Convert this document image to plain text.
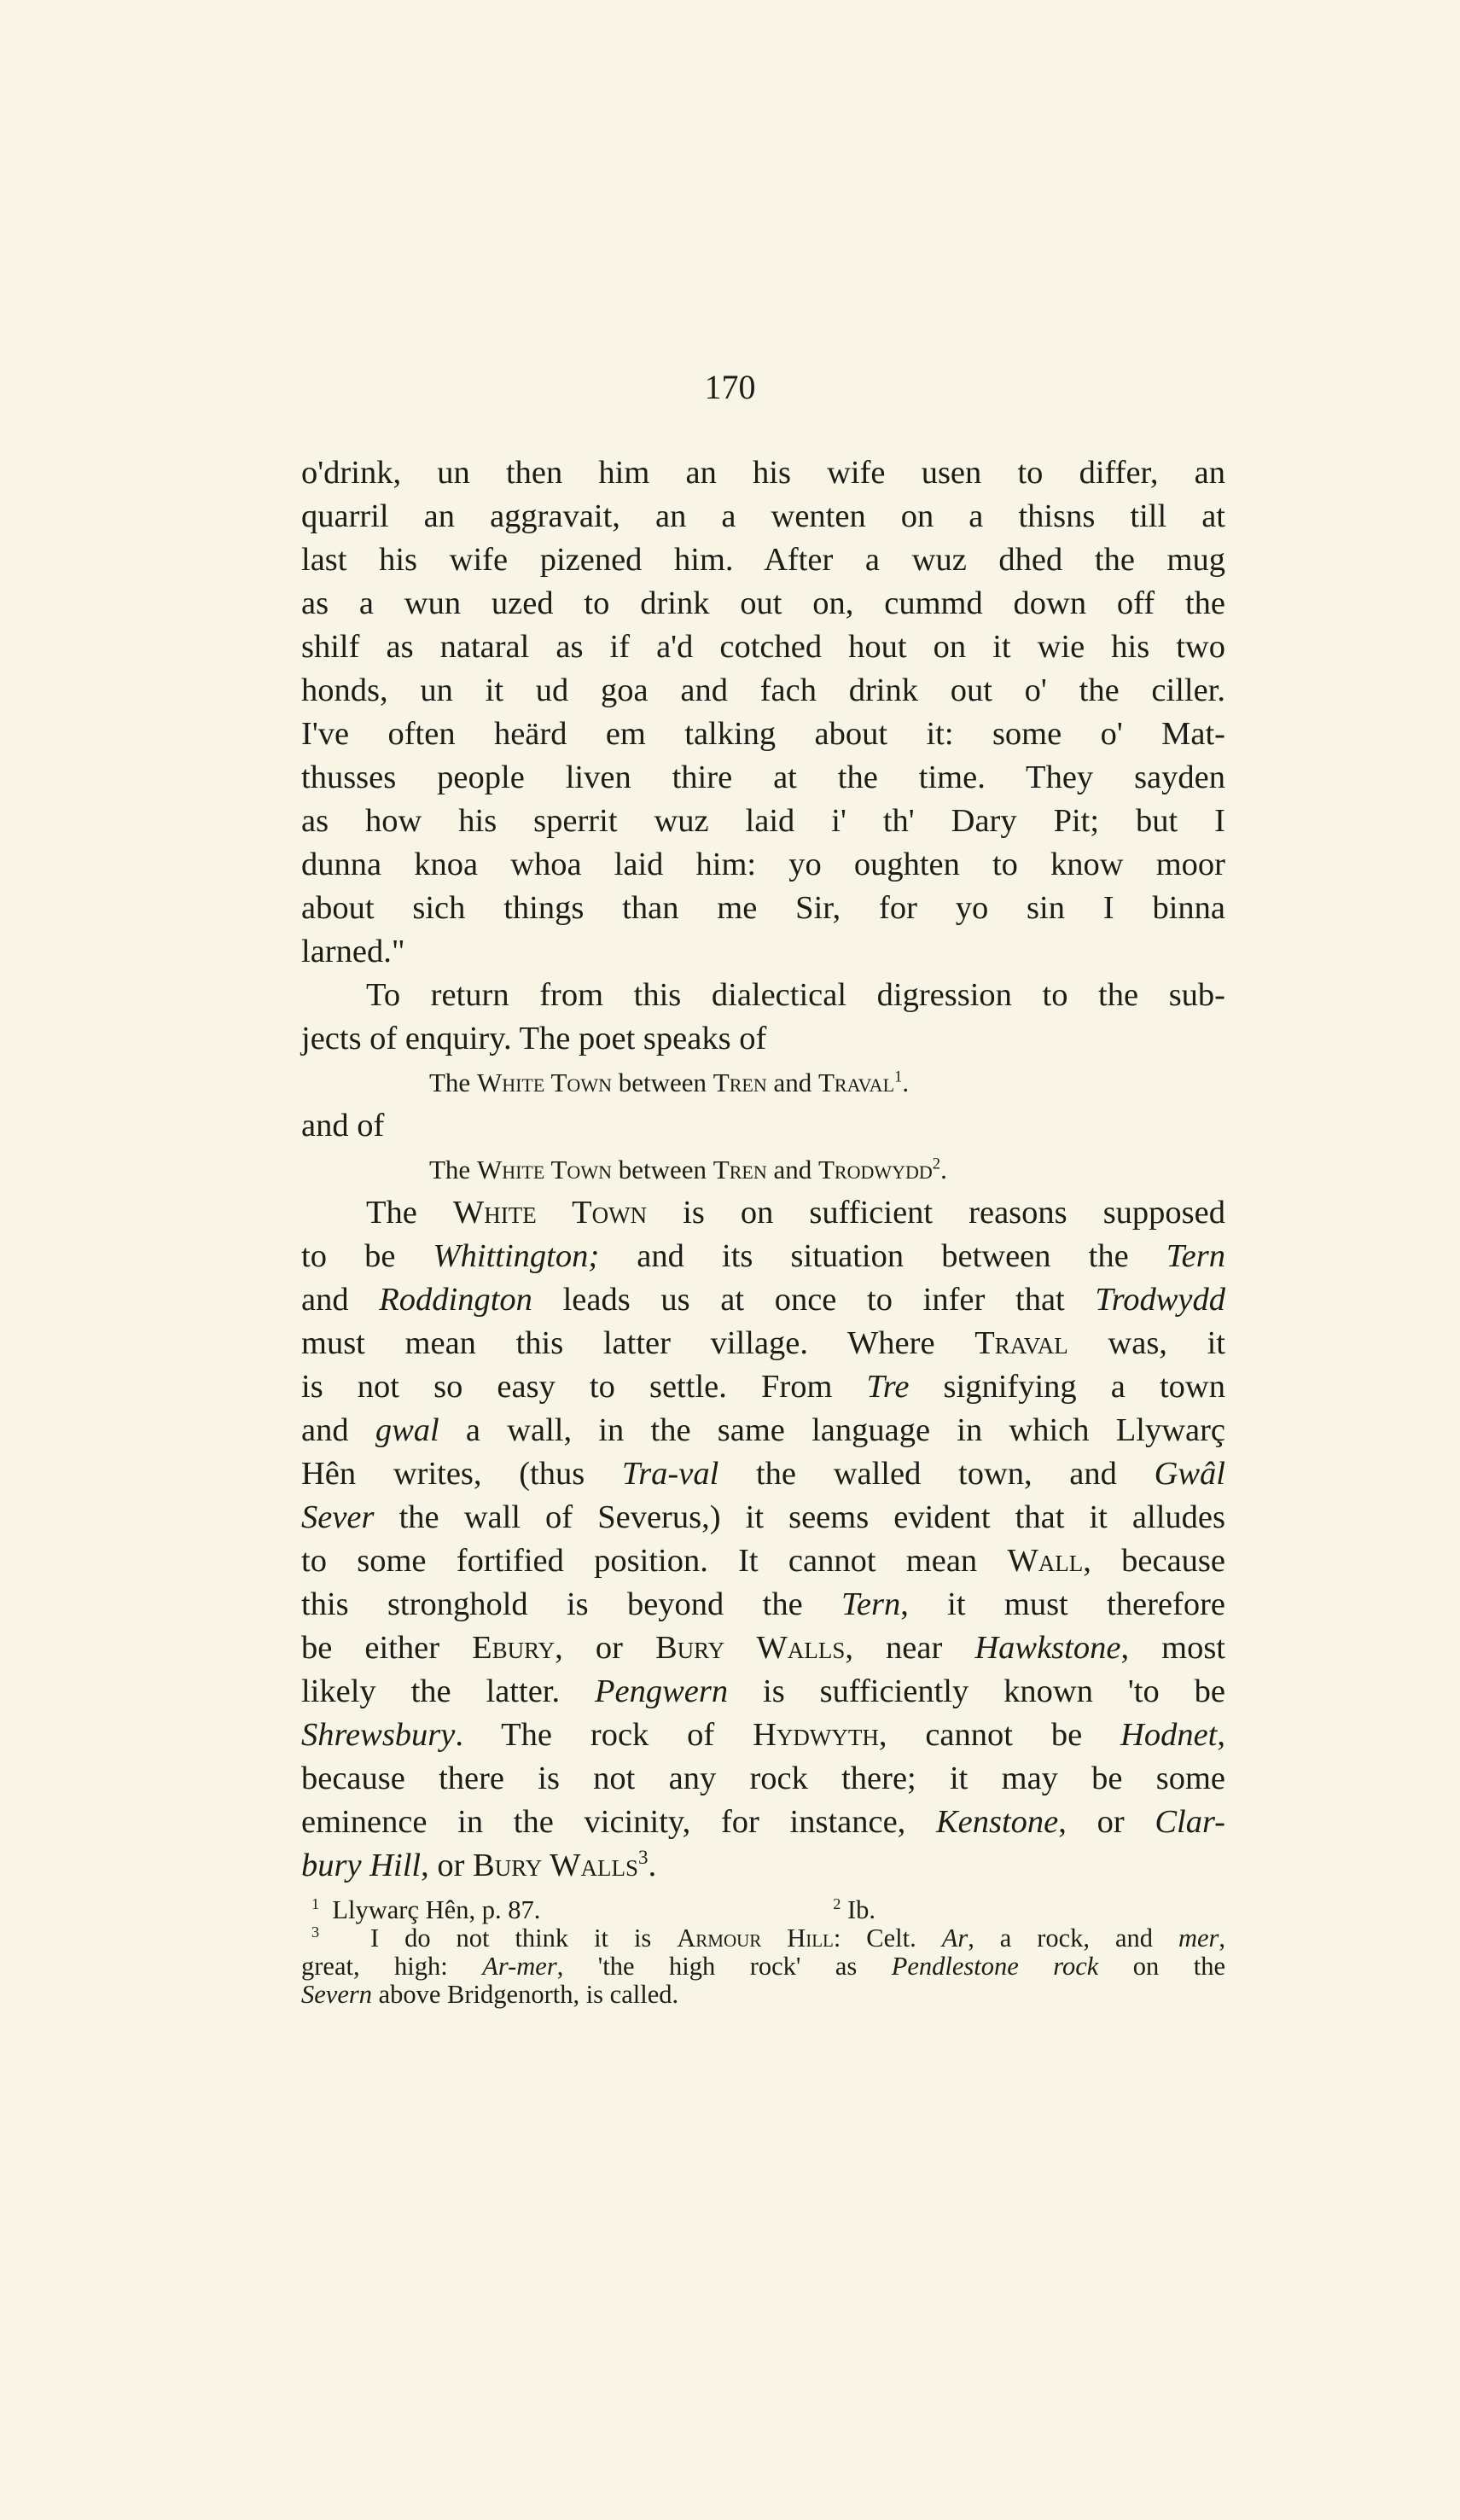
170
o'drink, un then him an his wife usen to differ, an
quarril an aggravait, an a wenten on a thisns till at
last his wife pizened him. After a wuz dhed the mug
as a wun uzed to drink out on, cummd down off the
shilf as nataral as if a'd cotched hout on it wie his two
honds, un it ud goa and fach drink out o' the ciller.
I've often heärd em talking about it: some o' Mat-
thusses people liven thire at the time. They sayden
as how his sperrit wuz laid i' th' Dary Pit; but I
dunna knoa whoa laid him: yo oughten to know moor
about sich things than me Sir, for yo sin I binna
larned."
To return from this dialectical digression to the sub-
jects of enquiry. The poet speaks of
The White Town between Tren and Traval$^1$.
and of
The White Town between Tren and Trodwydd$^2$.
The White Town is on sufficient reasons supposed
to be Whittington; and its situation between the Tern
and Roddington leads us at once to infer that Trodwydd
must mean this latter village. Where Traval was, it
is not so easy to settle. From Tre signifying a town
and gwal a wall, in the same language in which Llywarç
Hên writes, (thus Tra-val the walled town, and Gwâl
Sever the wall of Severus,) it seems evident that it alludes
to some fortified position. It cannot mean Wall, because
this stronghold is beyond the Tern, it must therefore
be either Ebury, or Bury Walls, near Hawkstone, most
likely the latter. Pengwern is sufficiently known 'to be
Shrewsbury. The rock of Hydwyth, cannot be Hodnet,
because there is not any rock there; it may be some
eminence in the vicinity, for instance, Kenstone, or Clar-
bury Hill, or Bury Walls$^3$.
$^1$ Llywarç Hên, p. 87.	$^2$ Ib.
$^3$ I do not think it is Armour Hill: Celt. Ar, a rock, and mer,
great, high: Ar-mer, 'the high rock' as Pendlestone rock on the
Severn above Bridgenorth, is called.
